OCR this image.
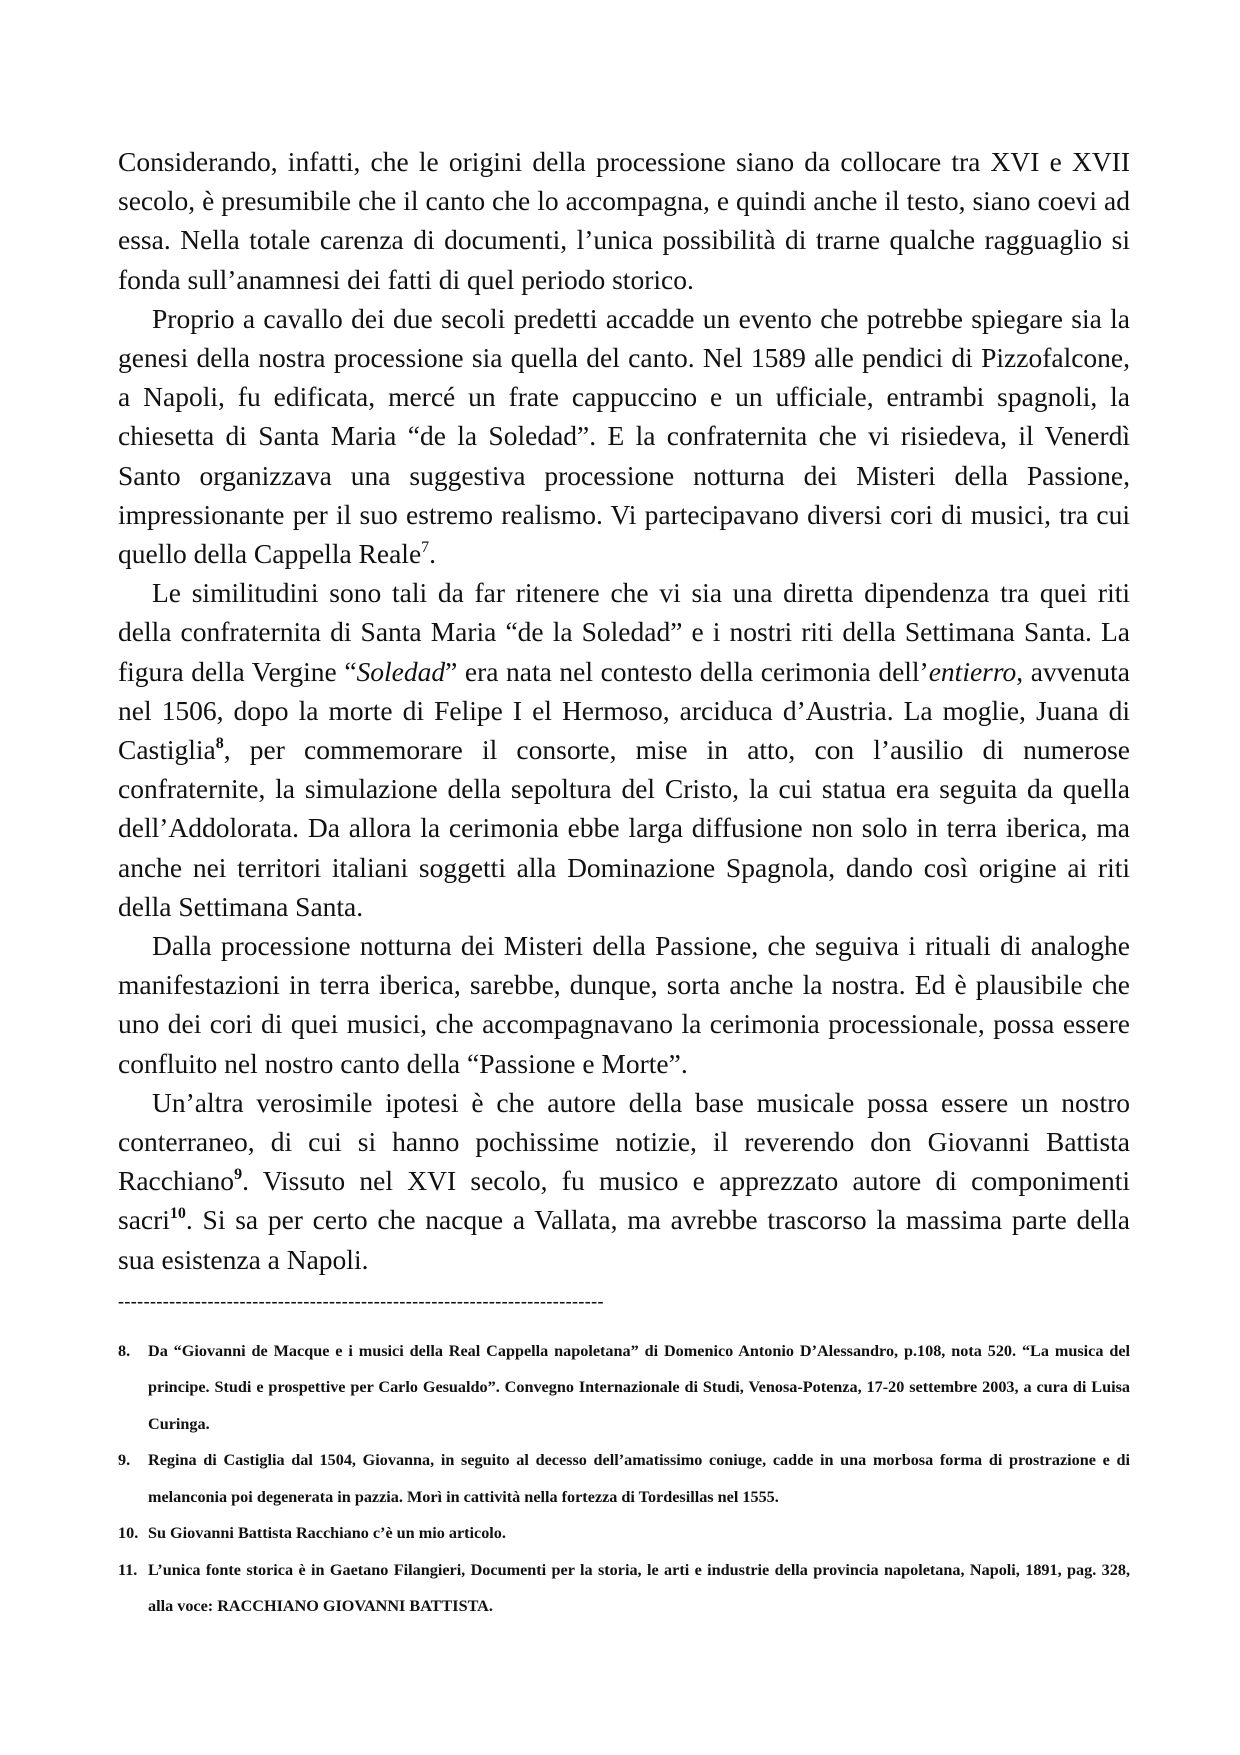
Considerando, infatti, che le origini della processione siano da collocare tra XVI e XVII secolo, è presumibile che il canto che lo accompagna, e quindi anche il testo, siano coevi ad essa. Nella totale carenza di documenti, l’unica possibilità di trarne qualche ragguaglio si fonda sull’anamnesi dei fatti di quel periodo storico.

Proprio a cavallo dei due secoli predetti accadde un evento che potrebbe spiegare sia la genesi della nostra processione sia quella del canto. Nel 1589 alle pendici di Pizzofalcone, a Napoli, fu edificata, mercé un frate cappuccino e un ufficiale, entrambi spagnoli, la chiesetta di Santa Maria “de la Soledad”. E la confraternita che vi risiedeva, il Venerdì Santo organizzava una suggestiva processione notturna dei Misteri della Passione, impressionante per il suo estremo realismo. Vi partecipavano diversi cori di musici, tra cui quello della Cappella Reale$^7$.

Le similitudini sono tali da far ritenere che vi sia una diretta dipendenza tra quei riti della confraternita di Santa Maria “de la Soledad” e i nostri riti della Settimana Santa. La figura della Vergine “Soledad” era nata nel contesto della cerimonia dell’entierro, avvenuta nel 1506, dopo la morte di Felipe I el Hermoso, arciduca d’Austria. La moglie, Juana di Castiglia$^8$, per commemorare il consorte, mise in atto, con l’ausilio di numerose confraternite, la simulazione della sepoltura del Cristo, la cui statua era seguita da quella dell’Addolorata. Da allora la cerimonia ebbe larga diffusione non solo in terra iberica, ma anche nei territori italiani soggetti alla Dominazione Spagnola, dando così origine ai riti della Settimana Santa.

Dalla processione notturna dei Misteri della Passione, che seguiva i rituali di analoghe manifestazioni in terra iberica, sarebbe, dunque, sorta anche la nostra. Ed è plausibile che uno dei cori di quei musici, che accompagnavano la cerimonia processionale, possa essere confluito nel nostro canto della “Passione e Morte”.

Un’altra verosimile ipotesi è che autore della base musicale possa essere un nostro conterraneo, di cui si hanno pochissime notizie, il reverendo don Giovanni Battista Racchiano$^9$. Vissuto nel XVI secolo, fu musico e apprezzato autore di componimenti sacri$^{10}$. Si sa per certo che nacque a Vallata, ma avrebbe trascorso la massima parte della sua esistenza a Napoli.

----------------------------------------------------------------------------
8.	Da “Giovanni de Macque e i musici della Real Cappella napoletana” di Domenico Antonio D’Alessandro, p.108, nota 520. “La musica del principe. Studi e prospettive per Carlo Gesualdo”. Convegno Internazionale di Studi, Venosa-Potenza, 17-20 settembre 2003, a cura di Luisa Curinga.
9.	Regina di Castiglia dal 1504, Giovanna, in seguito al decesso dell’amatissimo coniuge, cadde in una morbosa forma di prostrazione e di melanconia poi degenerata in pazzia. Morì in cattività nella fortezza di Tordesillas nel 1555.
10. Su Giovanni Battista Racchiano c’è un mio articolo.
11. L’unica fonte storica è in Gaetano Filangieri, Documenti per la storia, le arti e industrie della provincia napoletana, Napoli, 1891, pag. 328, alla voce: RACCHIANO GIOVANNI BATTISTA.
